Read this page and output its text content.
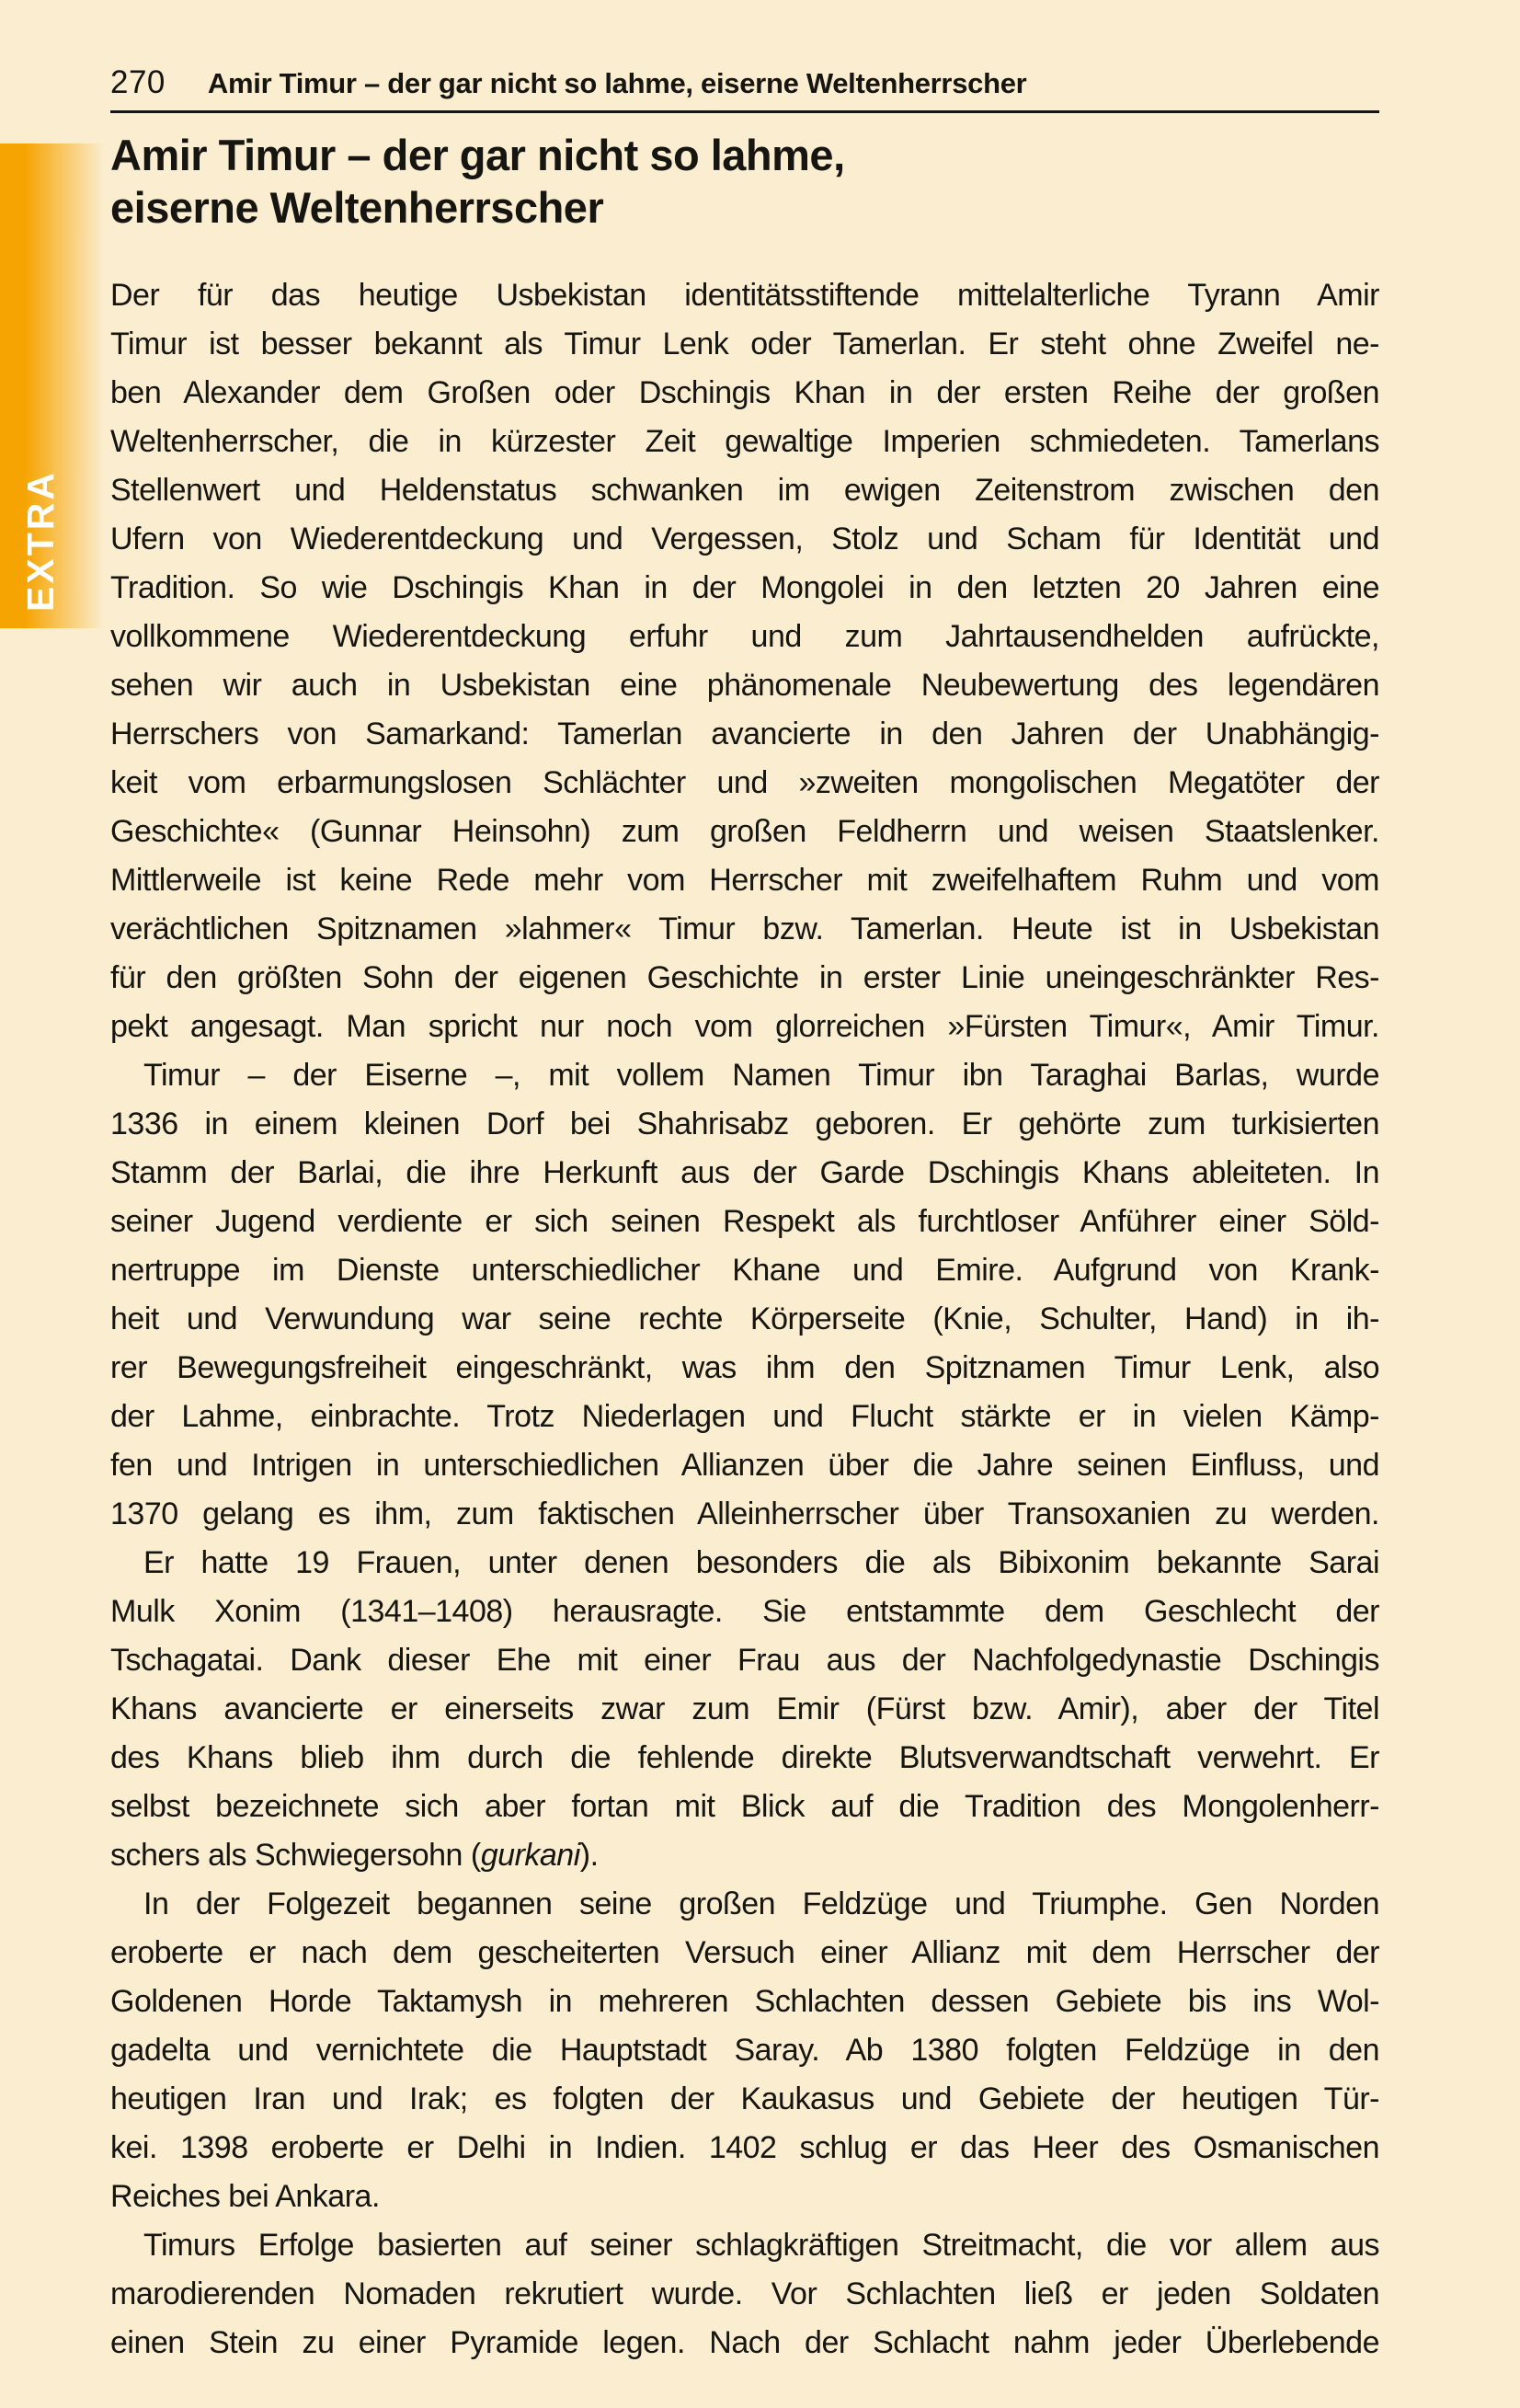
EXTRA
270 Amir Timur – der gar nicht so lahme, eiserne Weltenherrscher
Amir Timur – der gar nicht so lahme,
eiserne Weltenherrscher
Der für das heutige Usbekistan identitätsstiftende mittelalterliche Tyrann Amir
Timur ist besser bekannt als Timur Lenk oder Tamerlan. Er steht ohne Zweifel ne-
ben Alexander dem Großen oder Dschingis Khan in der ersten Reihe der großen
Weltenherrscher, die in kürzester Zeit gewaltige Imperien schmiedeten. Tamerlans
Stellenwert und Heldenstatus schwanken im ewigen Zeitenstrom zwischen den
Ufern von Wiederentdeckung und Vergessen, Stolz und Scham für Identität und
Tradition. So wie Dschingis Khan in der Mongolei in den letzten 20 Jahren eine
vollkommene Wiederentdeckung erfuhr und zum Jahrtausendhelden aufrückte,
sehen wir auch in Usbekistan eine phänomenale Neubewertung des legendären
Herrschers von Samarkand: Tamerlan avancierte in den Jahren der Unabhängig-
keit vom erbarmungslosen Schlächter und »zweiten mongolischen Megatöter der
Geschichte« (Gunnar Heinsohn) zum großen Feldherrn und weisen Staatslenker.
Mittlerweile ist keine Rede mehr vom Herrscher mit zweifelhaftem Ruhm und vom
verächtlichen Spitznamen »lahmer« Timur bzw. Tamerlan. Heute ist in Usbekistan
für den größten Sohn der eigenen Geschichte in erster Linie uneingeschränkter Res-
pekt angesagt. Man spricht nur noch vom glorreichen »Fürsten Timur«, Amir Timur.
Timur – der Eiserne –, mit vollem Namen Timur ibn Taraghai Barlas, wurde
1336 in einem kleinen Dorf bei Shahrisabz geboren. Er gehörte zum turkisierten
Stamm der Barlai, die ihre Herkunft aus der Garde Dschingis Khans ableiteten. In
seiner Jugend verdiente er sich seinen Respekt als furchtloser Anführer einer Söld-
nertruppe im Dienste unterschiedlicher Khane und Emire. Aufgrund von Krank-
heit und Verwundung war seine rechte Körperseite (Knie, Schulter, Hand) in ih-
rer Bewegungsfreiheit eingeschränkt, was ihm den Spitznamen Timur Lenk, also
der Lahme, einbrachte. Trotz Niederlagen und Flucht stärkte er in vielen Kämp-
fen und Intrigen in unterschiedlichen Allianzen über die Jahre seinen Einfluss, und
1370 gelang es ihm, zum faktischen Alleinherrscher über Transoxanien zu werden.
Er hatte 19 Frauen, unter denen besonders die als Bibixonim bekannte Sarai
Mulk Xonim (1341–1408) herausragte. Sie entstammte dem Geschlecht der
Tschagatai. Dank dieser Ehe mit einer Frau aus der Nachfolgedynastie Dschingis
Khans avancierte er einerseits zwar zum Emir (Fürst bzw. Amir), aber der Titel
des Khans blieb ihm durch die fehlende direkte Blutsverwandtschaft verwehrt. Er
selbst bezeichnete sich aber fortan mit Blick auf die Tradition des Mongolenherr-
schers als Schwiegersohn (gurkani).
In der Folgezeit begannen seine großen Feldzüge und Triumphe. Gen Norden
eroberte er nach dem gescheiterten Versuch einer Allianz mit dem Herrscher der
Goldenen Horde Taktamysh in mehreren Schlachten dessen Gebiete bis ins Wol-
gadelta und vernichtete die Hauptstadt Saray. Ab 1380 folgten Feldzüge in den
heutigen Iran und Irak; es folgten der Kaukasus und Gebiete der heutigen Tür-
kei. 1398 eroberte er Delhi in Indien. 1402 schlug er das Heer des Osmanischen
Reiches bei Ankara.
Timurs Erfolge basierten auf seiner schlagkräftigen Streitmacht, die vor allem aus
marodierenden Nomaden rekrutiert wurde. Vor Schlachten ließ er jeden Soldaten
einen Stein zu einer Pyramide legen. Nach der Schlacht nahm jeder Überlebende
